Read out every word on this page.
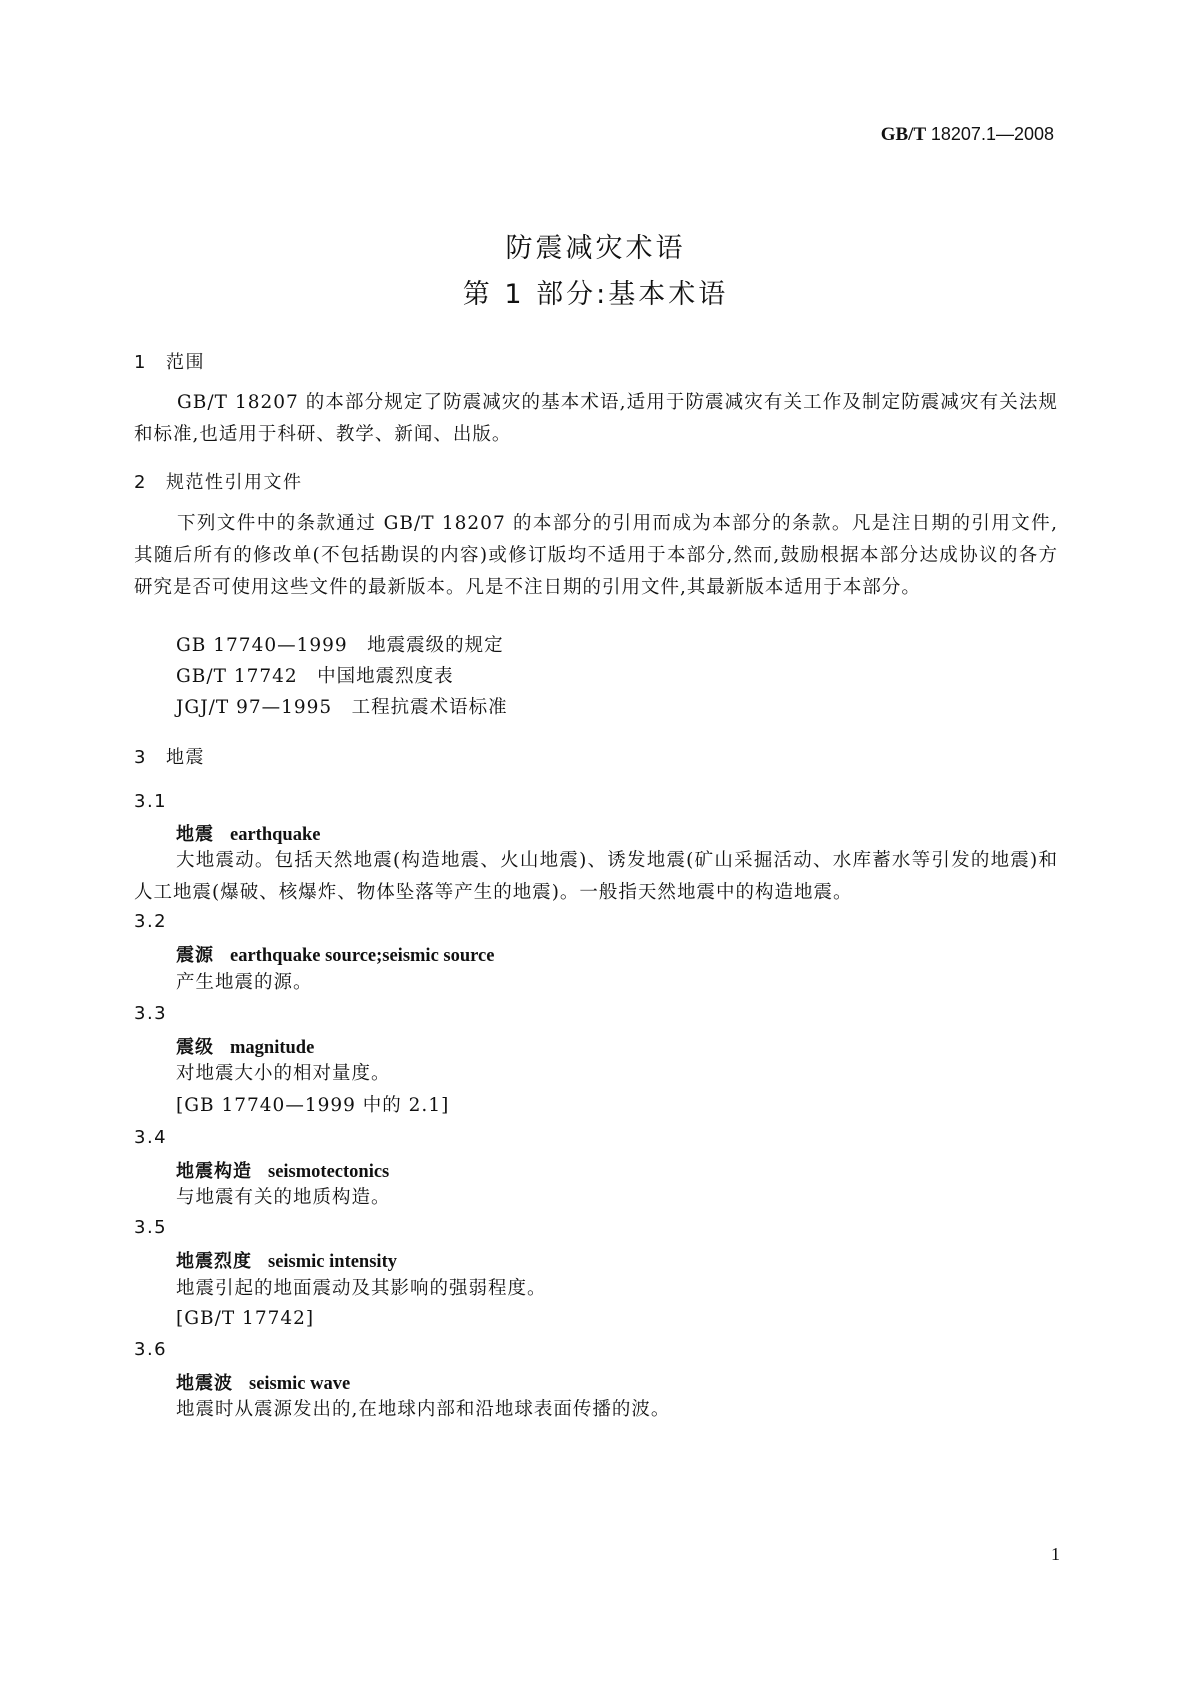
GB/T 18207.1—2008
防震减灾术语
第 1 部分:基本术语
1 范围
GB/T 18207 的本部分规定了防震减灾的基本术语,适用于防震减灾有关工作及制定防震减灾有关法规和标准,也适用于科研、教学、新闻、出版。
2 规范性引用文件
下列文件中的条款通过 GB/T 18207 的本部分的引用而成为本部分的条款。凡是注日期的引用文件,其随后所有的修改单(不包括勘误的内容)或修订版均不适用于本部分,然而,鼓励根据本部分达成协议的各方研究是否可使用这些文件的最新版本。凡是不注日期的引用文件,其最新版本适用于本部分。
GB 17740—1999　地震震级的规定
GB/T 17742　中国地震烈度表
JGJ/T 97—1995　工程抗震术语标准
3 地震
3.1
地震 earthquake
大地震动。包括天然地震(构造地震、火山地震)、诱发地震(矿山采掘活动、水库蓄水等引发的地震)和人工地震(爆破、核爆炸、物体坠落等产生的地震)。一般指天然地震中的构造地震。
3.2
震源 earthquake source;seismic source
产生地震的源。
3.3
震级 magnitude
对地震大小的相对量度。
[GB 17740—1999 中的 2.1]
3.4
地震构造 seismotectonics
与地震有关的地质构造。
3.5
地震烈度 seismic intensity
地震引起的地面震动及其影响的强弱程度。
[GB/T 17742]
3.6
地震波 seismic wave
地震时从震源发出的,在地球内部和沿地球表面传播的波。
1
